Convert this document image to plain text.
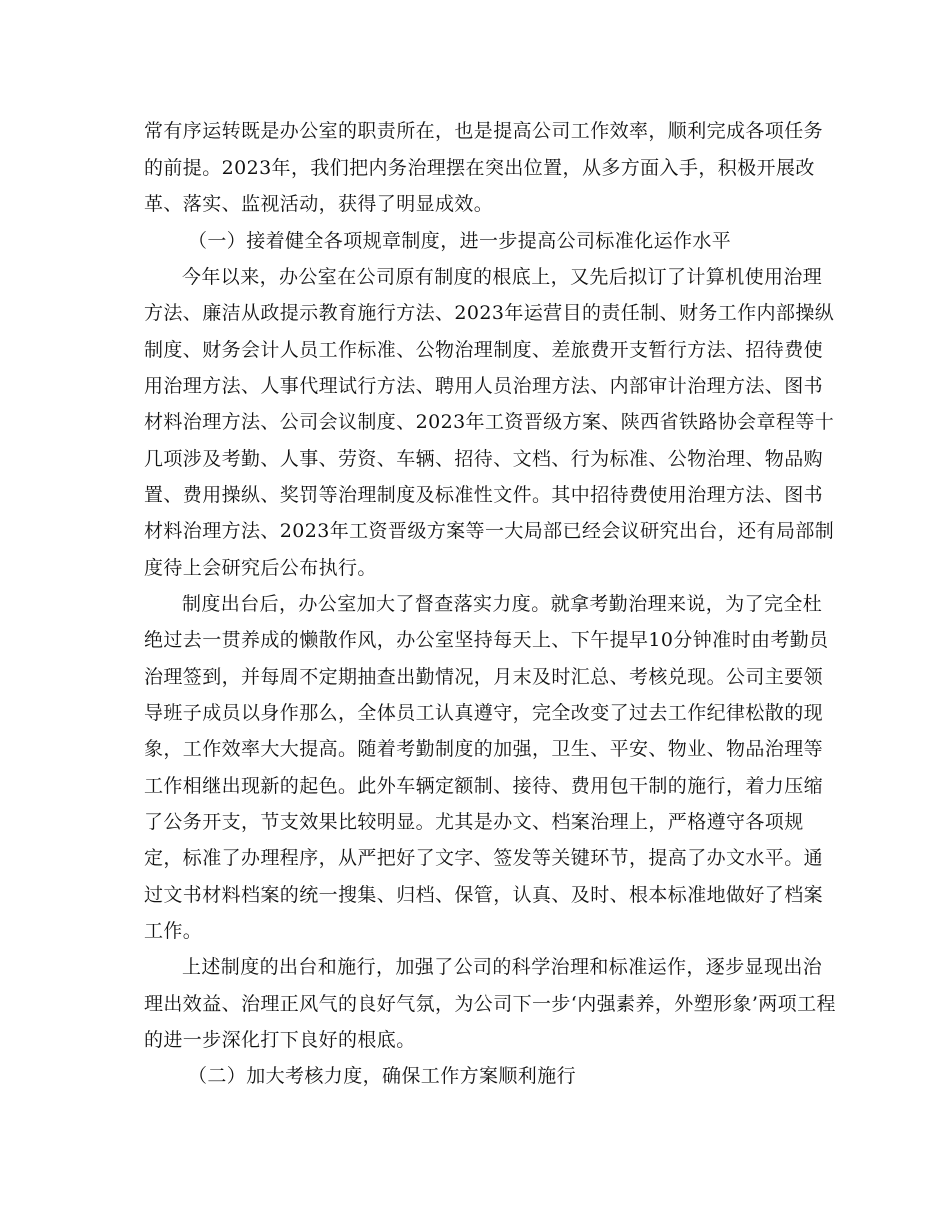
常有序运转既是办公室的职责所在，也是提高公司工作效率，顺利完成各项任务
的前提。2023年，我们把内务治理摆在突出位置，从多方面入手，积极开展改
革、落实、监视活动，获得了明显成效。
（一）接着健全各项规章制度，进一步提高公司标准化运作水平
今年以来，办公室在公司原有制度的根底上，又先后拟订了计算机使用治理
方法、廉洁从政提示教育施行方法、2023年运营目的责任制、财务工作内部操纵
制度、财务会计人员工作标准、公物治理制度、差旅费开支暂行方法、招待费使
用治理方法、人事代理试行方法、聘用人员治理方法、内部审计治理方法、图书
材料治理方法、公司会议制度、2023年工资晋级方案、陕西省铁路协会章程等十
几项涉及考勤、人事、劳资、车辆、招待、文档、行为标准、公物治理、物品购
置、费用操纵、奖罚等治理制度及标准性文件。其中招待费使用治理方法、图书
材料治理方法、2023年工资晋级方案等一大局部已经会议研究出台，还有局部制
度待上会研究后公布执行。
制度出台后，办公室加大了督查落实力度。就拿考勤治理来说，为了完全杜
绝过去一贯养成的懒散作风，办公室坚持每天上、下午提早10分钟准时由考勤员
治理签到，并每周不定期抽查出勤情况，月末及时汇总、考核兑现。公司主要领
导班子成员以身作那么，全体员工认真遵守，完全改变了过去工作纪律松散的现
象，工作效率大大提高。随着考勤制度的加强，卫生、平安、物业、物品治理等
工作相继出现新的起色。此外车辆定额制、接待、费用包干制的施行，着力压缩
了公务开支，节支效果比较明显。尤其是办文、档案治理上，严格遵守各项规
定，标准了办理程序，从严把好了文字、签发等关键环节，提高了办文水平。通
过文书材料档案的统一搜集、归档、保管，认真、及时、根本标准地做好了档案
工作。
上述制度的出台和施行，加强了公司的科学治理和标准运作，逐步显现出治
理出效益、治理正风气的良好气氛，为公司下一步‘内强素养，外塑形象’两项工程
的进一步深化打下良好的根底。
（二）加大考核力度，确保工作方案顺利施行
